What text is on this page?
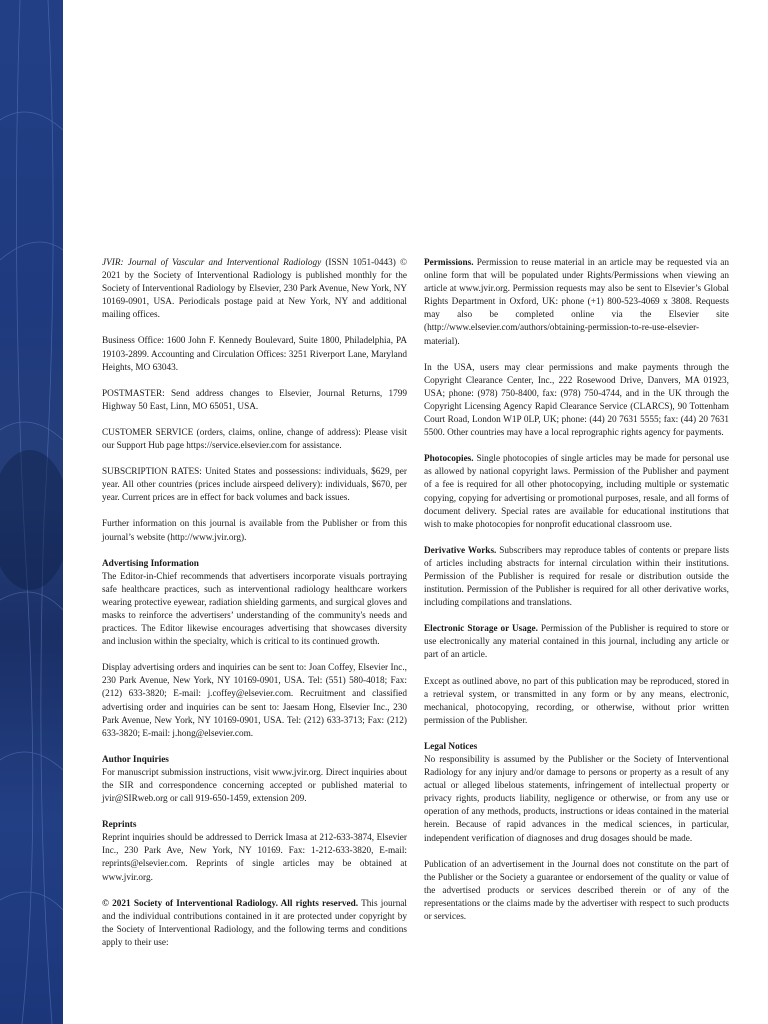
JVIR: Journal of Vascular and Interventional Radiology (ISSN 1051-0443) © 2021 by the Society of Interventional Radiology is published monthly for the Society of Interventional Radiology by Elsevier, 230 Park Avenue, New York, NY 10169-0901, USA. Periodicals postage paid at New York, NY and additional mailing offices.

Business Office: 1600 John F. Kennedy Boulevard, Suite 1800, Philadelphia, PA 19103-2899. Accounting and Circulation Offices: 3251 Riverport Lane, Maryland Heights, MO 63043.

POSTMASTER: Send address changes to Elsevier, Journal Returns, 1799 Highway 50 East, Linn, MO 65051, USA.

CUSTOMER SERVICE (orders, claims, online, change of address): Please visit our Support Hub page https://service.elsevier.com for assistance.

SUBSCRIPTION RATES: United States and possessions: individuals, $629, per year. All other countries (prices include airspeed delivery): individuals, $670, per year. Current prices are in effect for back volumes and back issues.

Further information on this journal is available from the Publisher or from this journal’s website (http://www.jvir.org).

Advertising Information
The Editor-in-Chief recommends that advertisers incorporate visuals portraying safe healthcare practices, such as interventional radiology healthcare workers wearing protective eyewear, radiation shielding garments, and surgical gloves and masks to reinforce the advertisers’ understanding of the community's needs and practices. The Editor likewise encourages advertising that showcases diversity and inclusion within the specialty, which is critical to its continued growth.

Display advertising orders and inquiries can be sent to: Joan Coffey, Elsevier Inc., 230 Park Avenue, New York, NY 10169-0901, USA. Tel: (551) 580-4018; Fax: (212) 633-3820; E-mail: j.coffey@elsevier.com. Recruitment and classified advertising order and inquiries can be sent to: Jaesam Hong, Elsevier Inc., 230 Park Avenue, New York, NY 10169-0901, USA. Tel: (212) 633-3713; Fax: (212) 633-3820; E-mail: j.hong@elsevier.com.

Author Inquiries
For manuscript submission instructions, visit www.jvir.org. Direct inquiries about the SIR and correspondence concerning accepted or published material to jvir@SIRweb.org or call 919-650-1459, extension 209.

Reprints
Reprint inquiries should be addressed to Derrick Imasa at 212-633-3874, Elsevier Inc., 230 Park Ave, New York, NY 10169. Fax: 1-212-633-3820, E-mail: reprints@elsevier.com. Reprints of single articles may be obtained at www.jvir.org.

© 2021 Society of Interventional Radiology. All rights reserved. This journal and the individual contributions contained in it are protected under copyright by the Society of Interventional Radiology, and the following terms and conditions apply to their use:

Permissions. Permission to reuse material in an article may be requested via an online form that will be populated under Rights/Permissions when viewing an article at www.jvir.org. Permission requests may also be sent to Elsevier’s Global Rights Department in Oxford, UK: phone (+1) 800-523-4069 x 3808. Requests may also be completed online via the Elsevier site (http://www.elsevier.com/authors/obtaining-permission-to-re-use-elsevier-material).

In the USA, users may clear permissions and make payments through the Copyright Clearance Center, Inc., 222 Rosewood Drive, Danvers, MA 01923, USA; phone: (978) 750-8400, fax: (978) 750-4744, and in the UK through the Copyright Licensing Agency Rapid Clearance Service (CLARCS), 90 Tottenham Court Road, London W1P 0LP, UK; phone: (44) 20 7631 5555; fax: (44) 20 7631 5500. Other countries may have a local reprographic rights agency for payments.

Photocopies. Single photocopies of single articles may be made for personal use as allowed by national copyright laws. Permission of the Publisher and payment of a fee is required for all other photocopying, including multiple or systematic copying, copying for advertising or promotional purposes, resale, and all forms of document delivery. Special rates are available for educational institutions that wish to make photocopies for nonprofit educational classroom use.

Derivative Works. Subscribers may reproduce tables of contents or prepare lists of articles including abstracts for internal circulation within their institutions. Permission of the Publisher is required for resale or distribution outside the institution. Permission of the Publisher is required for all other derivative works, including compilations and translations.

Electronic Storage or Usage. Permission of the Publisher is required to store or use electronically any material contained in this journal, including any article or part of an article.

Except as outlined above, no part of this publication may be reproduced, stored in a retrieval system, or transmitted in any form or by any means, electronic, mechanical, photocopying, recording, or otherwise, without prior written permission of the Publisher.

Legal Notices
No responsibility is assumed by the Publisher or the Society of Interventional Radiology for any injury and/or damage to persons or property as a result of any actual or alleged libelous statements, infringement of intellectual property or privacy rights, products liability, negligence or otherwise, or from any use or operation of any methods, products, instructions or ideas contained in the material herein. Because of rapid advances in the medical sciences, in particular, independent verification of diagnoses and drug dosages should be made.

Publication of an advertisement in the Journal does not constitute on the part of the Publisher or the Society a guarantee or endorsement of the quality or value of the advertised products or services described therein or of any of the representations or the claims made by the advertiser with respect to such products or services.
